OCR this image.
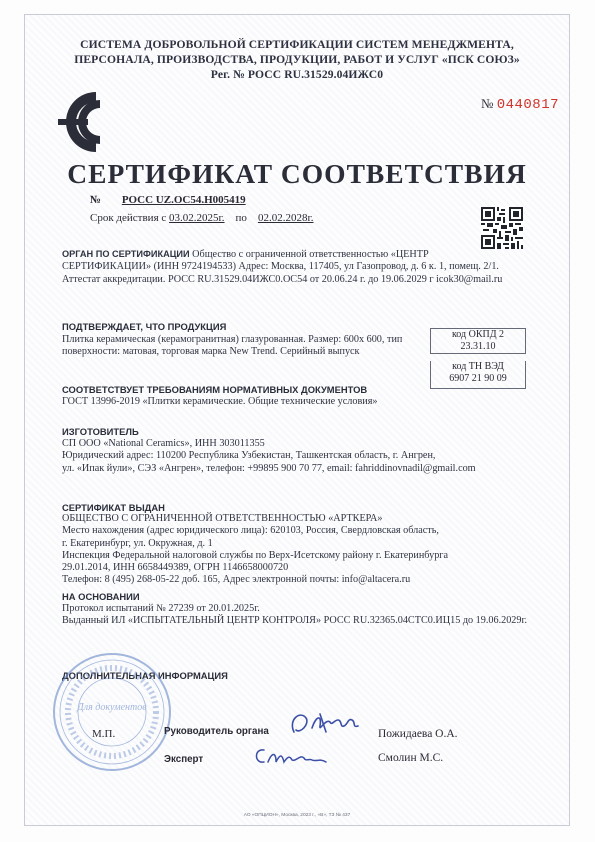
СИСТЕМА ДОБРОВОЛЬНОЙ СЕРТИФИКАЦИИ СИСТЕМ МЕНЕДЖМЕНТА,
ПЕРСОНАЛА, ПРОИЗВОДСТВА, ПРОДУКЦИИ, РАБОТ И УСЛУГ «ПСК СОЮЗ»
Рег. № РОСС RU.31529.04ИЖС0
№ 0440817
СЕРТИФИКАТ СООТВЕТСТВИЯ
№ РОСС UZ.OC54.H005419
Срок действия с 03.02.2025г. по 02.02.2028г.
ОРГАН ПО СЕРТИФИКАЦИИ Общество с ограниченной ответственностью «ЦЕНТР
СЕРТИФИКАЦИИ» (ИНН 9724194533) Адрес: Москва, 117405, ул Газопровод, д. 6 к. 1, помещ. 2/1.
Аттестат аккредитации. РОСС RU.31529.04ИЖС0.OC54 от 20.06.24 г. до 19.06.2029 г icok30@mail.ru
ПОДТВЕРЖДАЕТ, ЧТО ПРОДУКЦИЯ
Плитка керамическая (керамогранитная) глазурованная. Размер: 600х 600, тип
поверхности: матовая, торговая марка New Trend. Серийный выпуск
код ОКПД 2
23.31.10
код ТН ВЭД
6907 21 90 09
СООТВЕТСТВУЕТ ТРЕБОВАНИЯМ НОРМАТИВНЫХ ДОКУМЕНТОВ
ГОСТ 13996-2019 «Плитки керамические. Общие технические условия»
ИЗГОТОВИТЕЛЬ
СП ООО «National Ceramics», ИНН 303011355
Юридический адрес: 110200 Республика Узбекистан, Ташкентская область, г. Ангрен,
ул. «Ипак йули», СЭЗ «Ангрен», телефон: +99895 900 70 77, email: fahriddinovnadil@gmail.com
СЕРТИФИКАТ ВЫДАН
ОБЩЕСТВО С ОГРАНИЧЕННОЙ ОТВЕТСТВЕННОСТЬЮ «АРТКЕРА»
Место нахождения (адрес юридического лица): 620103, Россия, Свердловская область,
г. Екатеринбург, ул. Окружная, д. 1
Инспекция Федеральной налоговой службы по Верх-Исетскому району г. Екатеринбурга
29.01.2014, ИНН 6658449389, ОГРН 1146658000720
Телефон: 8 (495) 268-05-22 доб. 165, Адрес электронной почты: info@altacera.ru
НА ОСНОВАНИИ
Протокол испытаний № 27239 от 20.01.2025г.
Выданный ИЛ «ИСПЫТАТЕЛЬНЫЙ ЦЕНТР КОНТРОЛЯ» РОСС RU.32365.04СТС0.ИЦ15 до 19.06.2029г.
ДОПОЛНИТЕЛЬНАЯ ИНФОРМАЦИЯ
Для документов
М.П.	Руководитель органа	Пожидаева О.А.
Эксперт	Смолин М.С.
АО «ОПЦИОН», Москва, 2023 г., «В», ТЗ № 437
